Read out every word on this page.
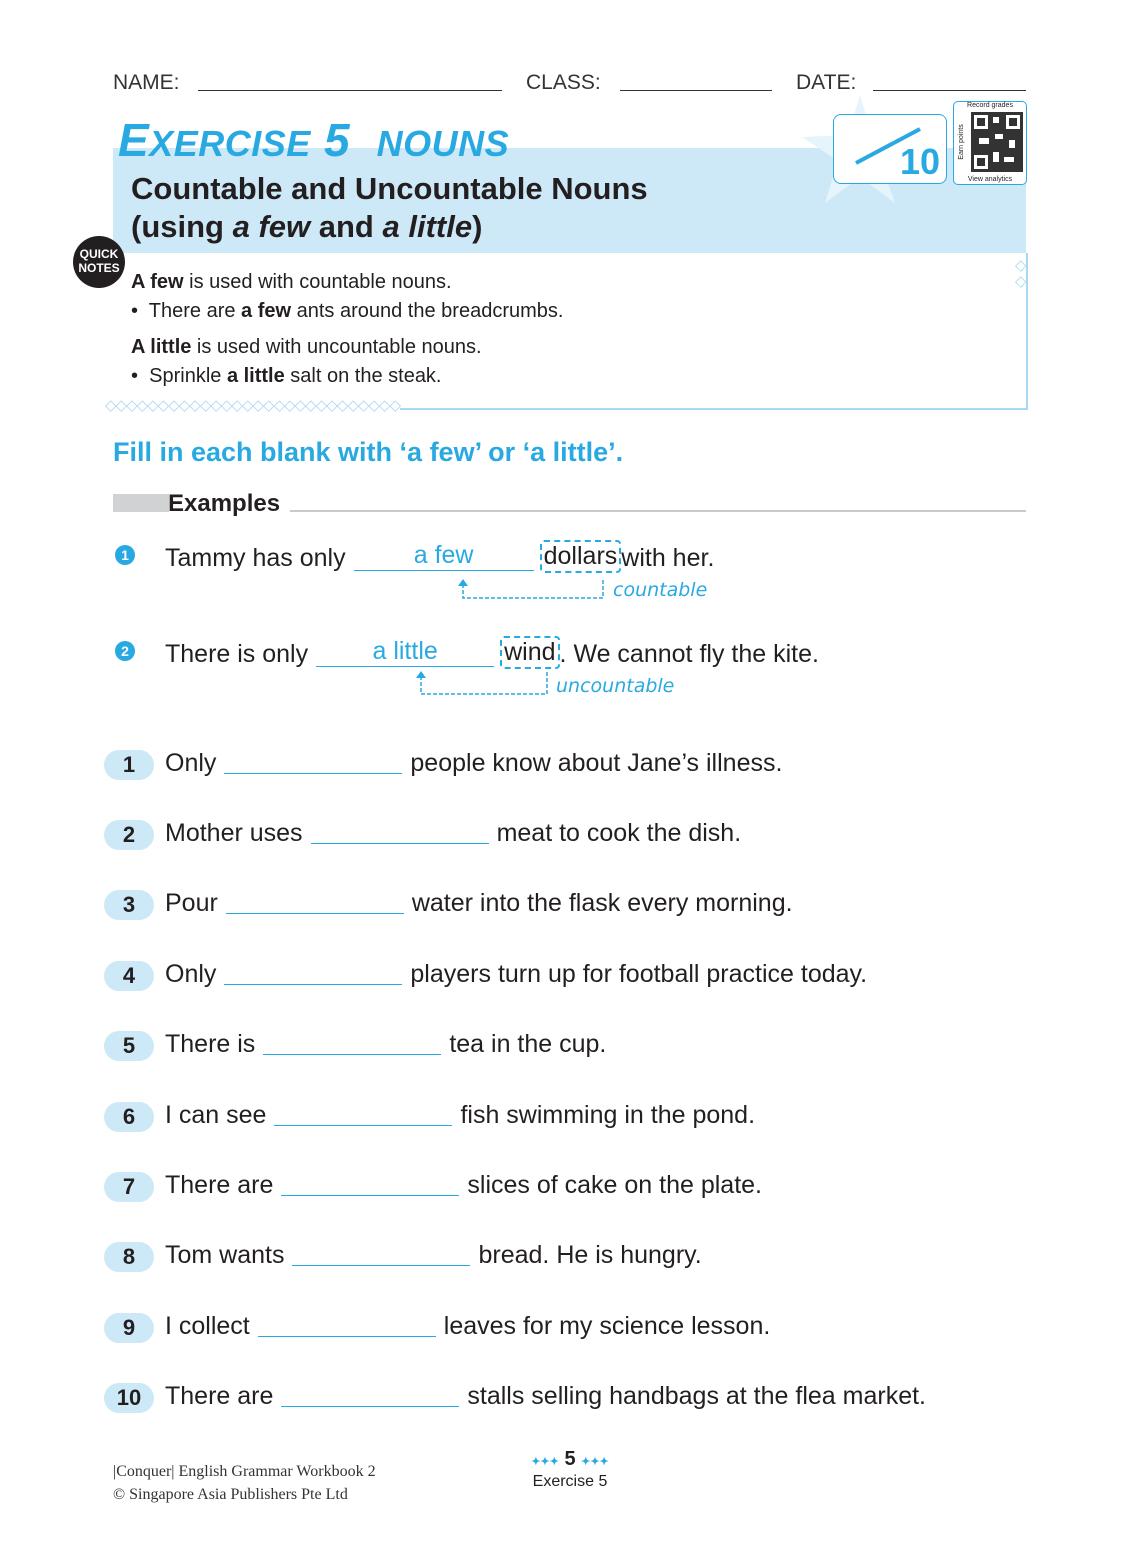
NAME:	CLASS:	DATE:
EXERCISE 5 NOUNS	10
Record grades
Earn points
View analytics
Countable and Uncountable Nouns
(using a few and a little)
◇◇◇◇◇◇◇◇◇◇◇◇◇◇◇◇◇◇◇◇◇◇◇◇◇◇◇◇
◇
◇
QUICK
NOTES
A few is used with countable nouns.
•  There are a few ants around the breadcrumbs.
A little is used with uncountable nouns.
•  Sprinkle a little salt on the steak.
Fill in each blank with ‘a few’ or ‘a little’.
Examples
1 Tammy has only	a few	dollars with her.
countable
2 There is only	a little	wind . We cannot fly the kite.
uncountable
1	Only	people know about Jane’s illness.
2	Mother uses	meat to cook the dish.
3	Pour	water into the flask every morning.
4	Only	players turn up for football practice today.
5	There is	tea in the cup.
6	I can see	fish swimming in the pond.
7	There are	slices of cake on the plate.
8	Tom wants	bread. He is hungry.
9	I collect	leaves for my science lesson.
10 There are	stalls selling handbags at the flea market.
|Conquer| English Grammar Workbook 2
© Singapore Asia Publishers Pte Ltd
✦✦✦ 5 ✦✦✦
Exercise 5
